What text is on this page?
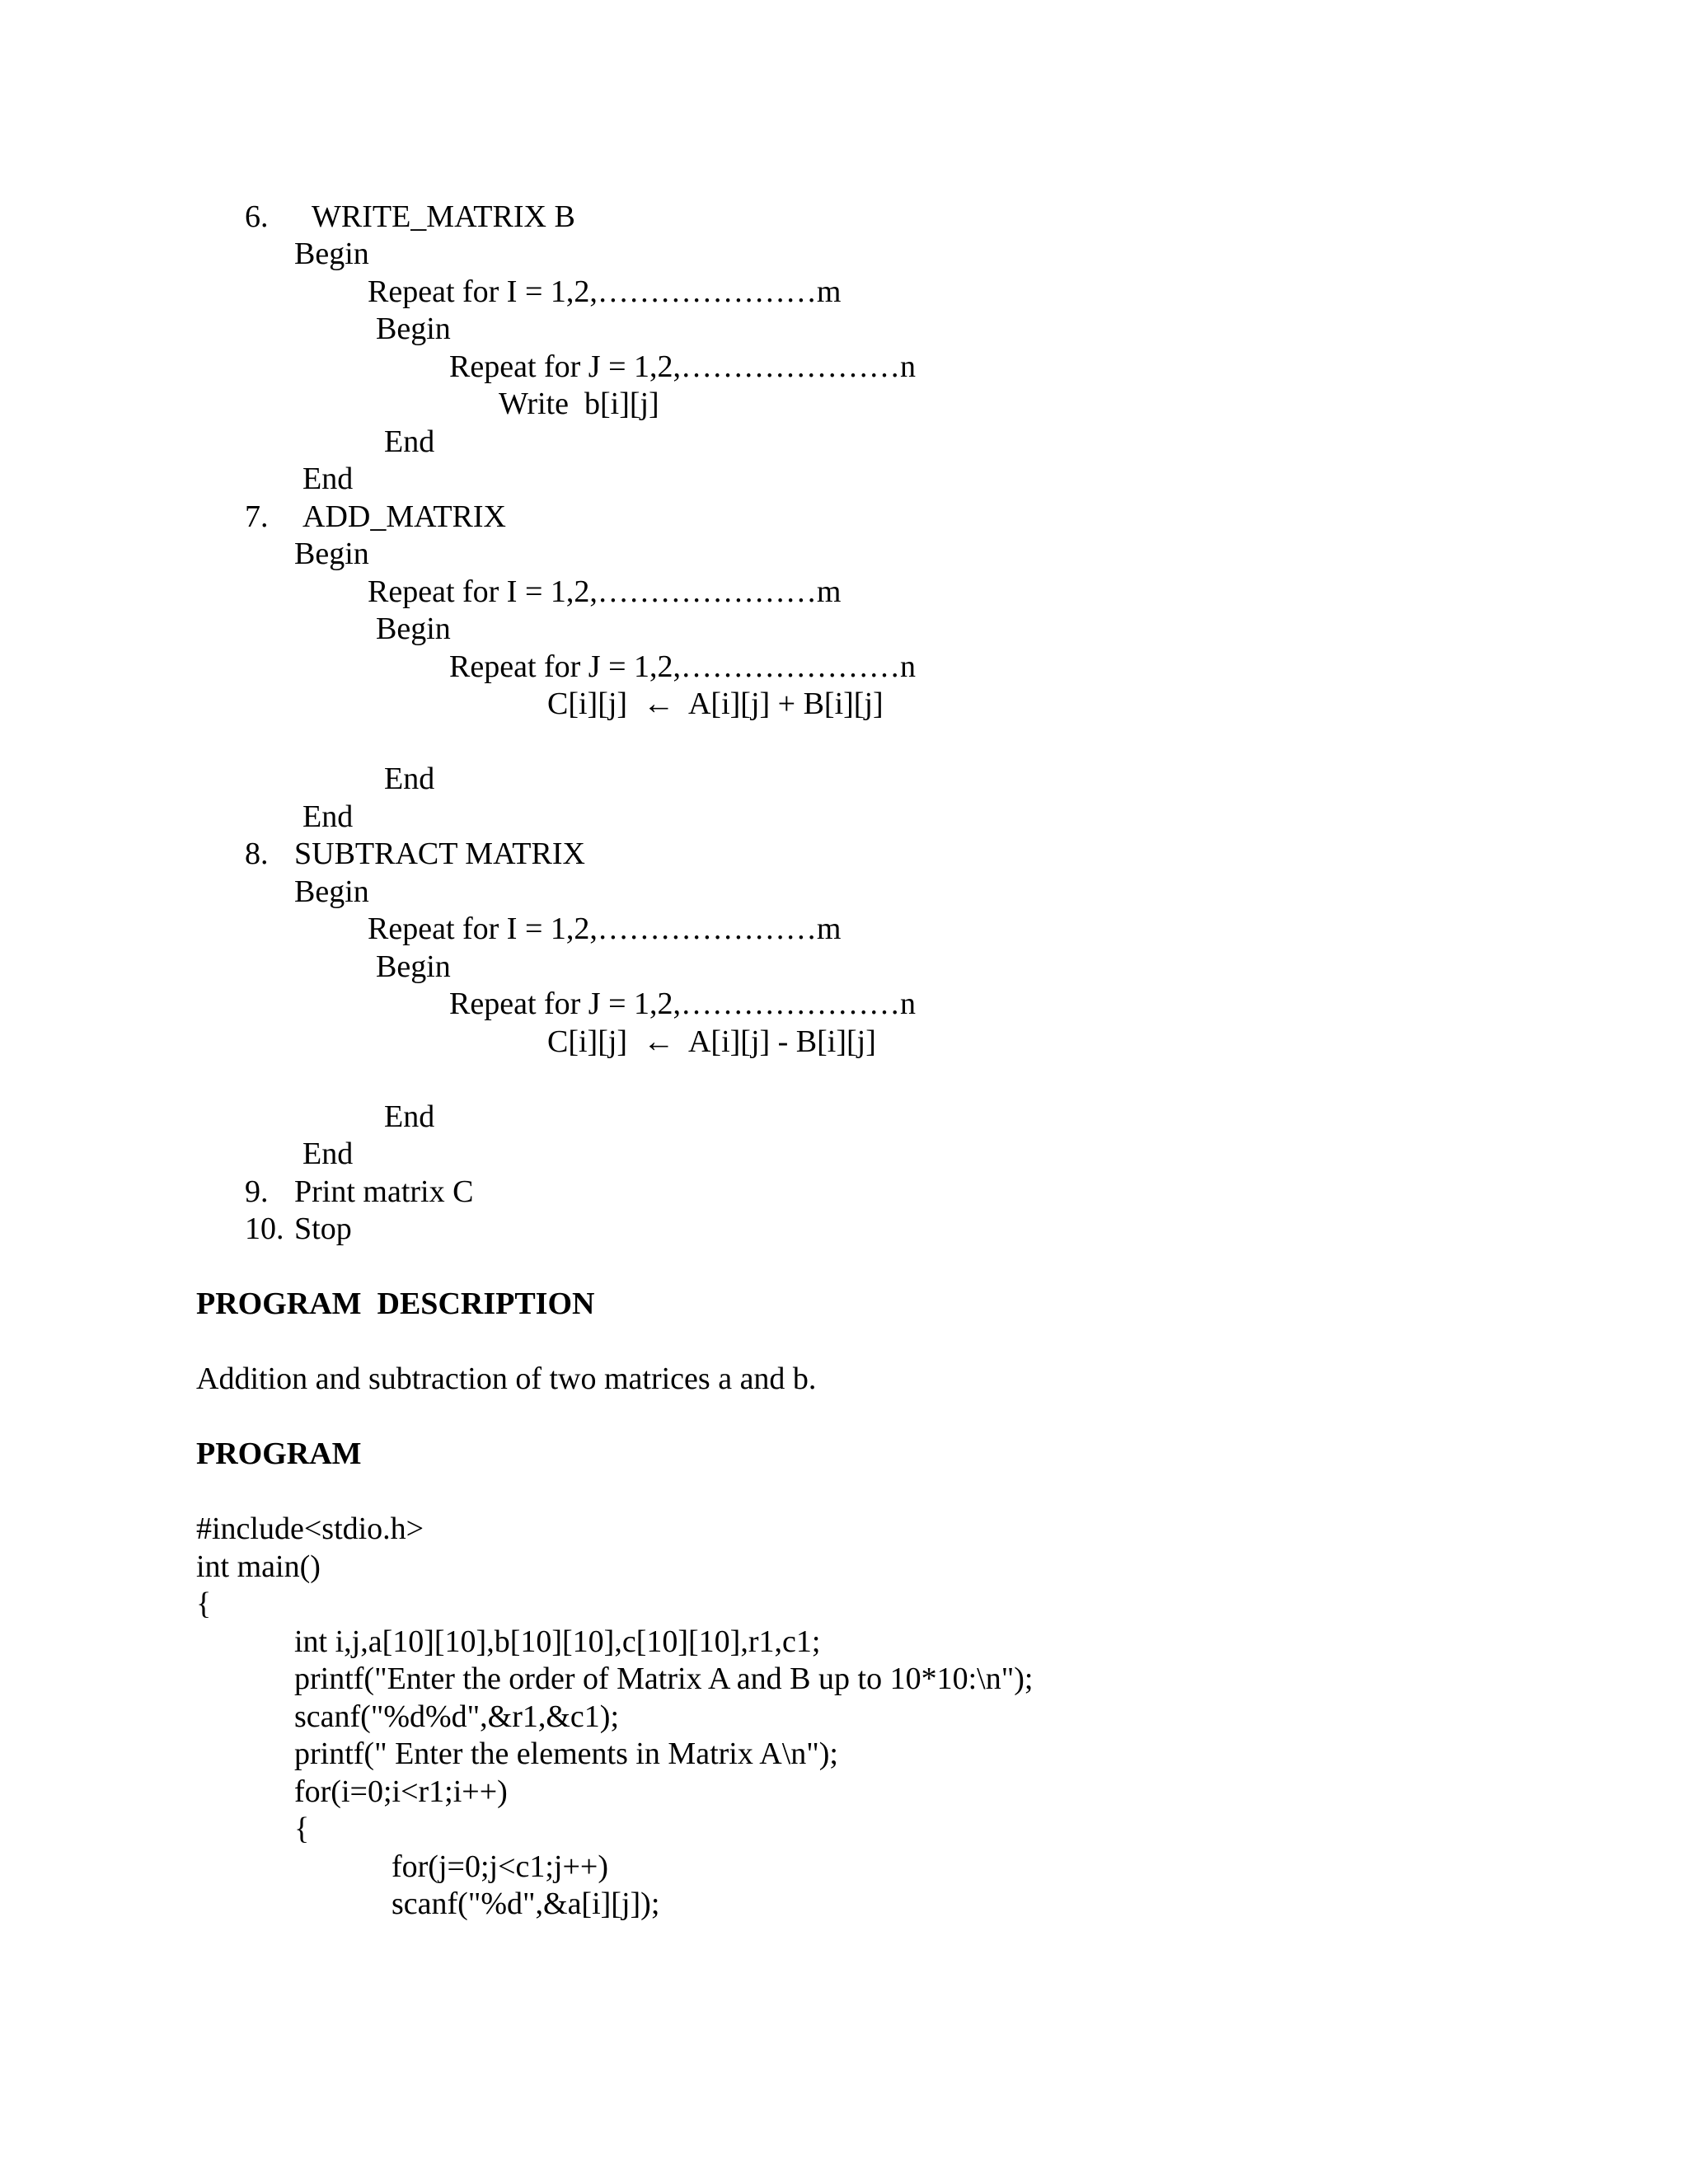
6. WRITE_MATRIX B
Begin
Repeat for I = 1,2,…………………m
Begin
Repeat for J = 1,2,…………………n
Write  b[i][j]
End
End
7. ADD_MATRIX
Begin
Repeat for I = 1,2,…………………m
Begin
Repeat for J = 1,2,…………………n
C[i][j]  ←  A[i][j] + B[i][j]
End
End
8. SUBTRACT MATRIX
Begin
Repeat for I = 1,2,…………………m
Begin
Repeat for J = 1,2,…………………n
C[i][j]  ←  A[i][j] - B[i][j]
End
End
9. Print matrix C
10. Stop
PROGRAM  DESCRIPTION
Addition and subtraction of two matrices a and b.
PROGRAM
#include<stdio.h>
int main()
{
int i,j,a[10][10],b[10][10],c[10][10],r1,c1;
printf("Enter the order of Matrix A and B up to 10*10:\n");
scanf("%d%d",&r1,&c1);
printf(" Enter the elements in Matrix A\n");
for(i=0;i<r1;i++)
{
for(j=0;j<c1;j++)
scanf("%d",&a[i][j]);
